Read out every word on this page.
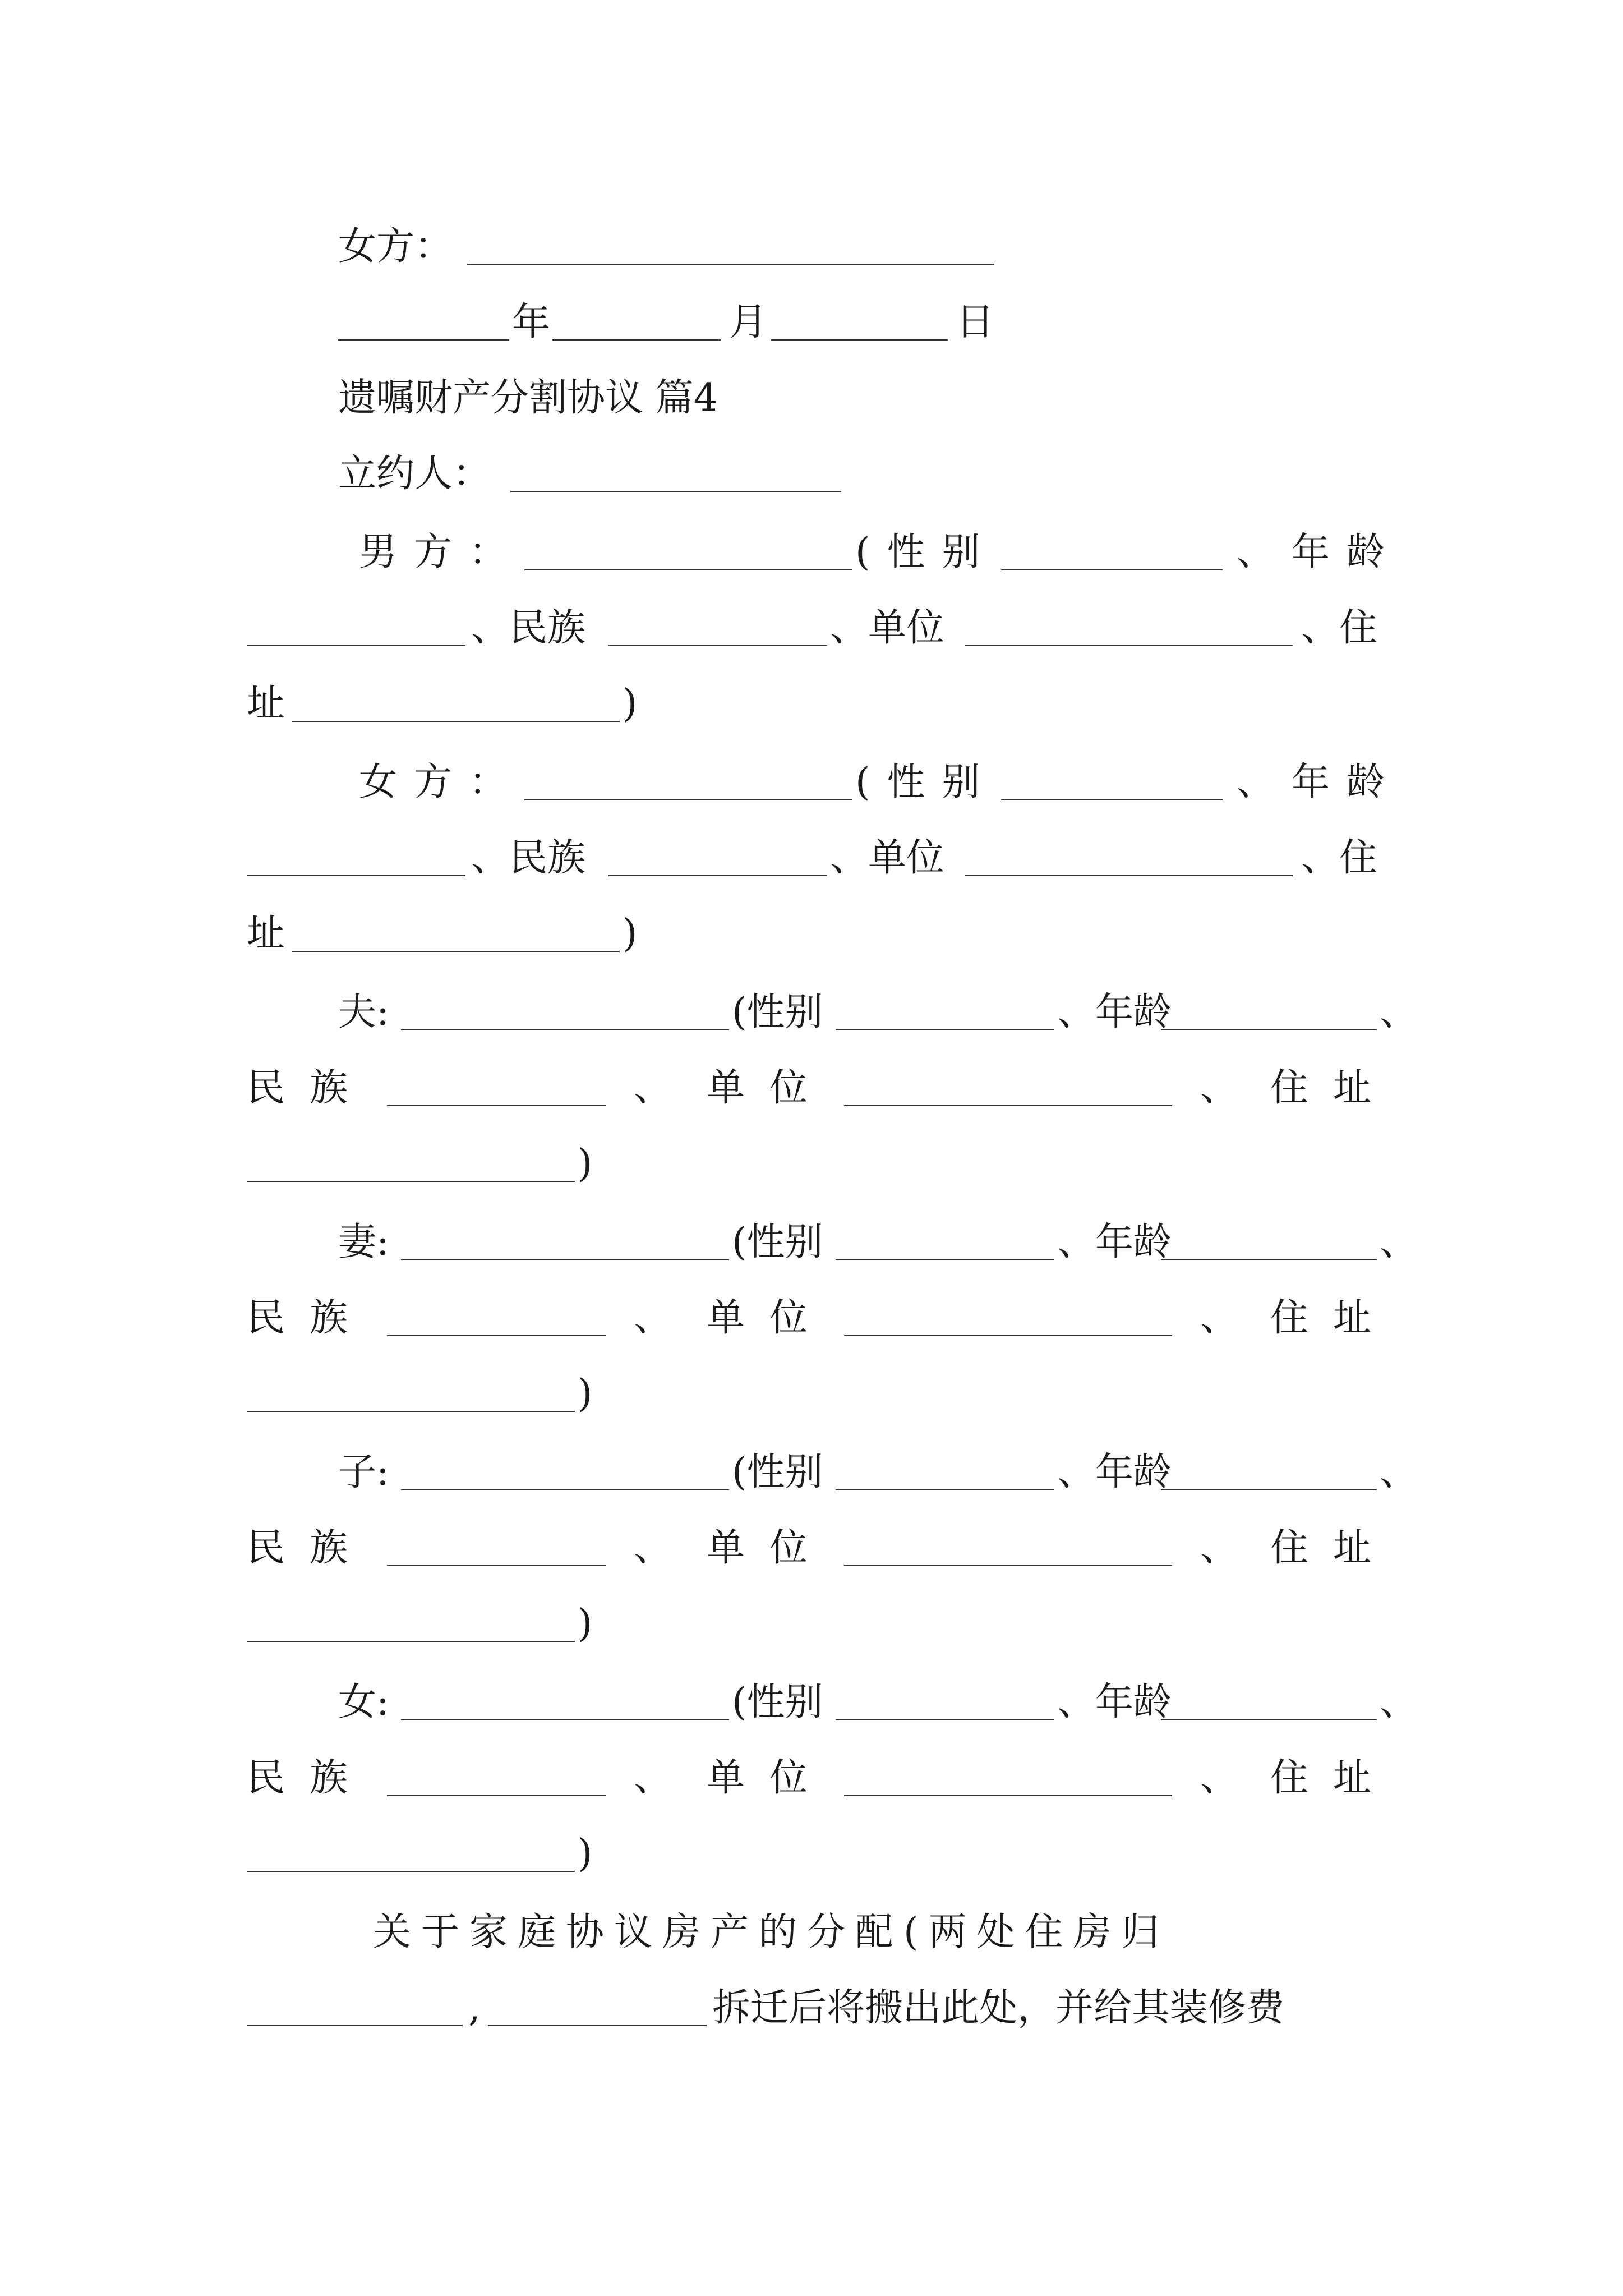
女方：
年	月	日
遗嘱财产分割协议 篇4
立约人：
男方：	(性别	、年龄
、民族	、单位	、住
址	)
女方：	(性别	、年龄
、民族	、单位	、住
址	)
夫:	(性别	、年龄	、
民族	、 单位	、 住址
)
妻:	(性别	、年龄	、
民族	、 单位	、 住址
)
子:	(性别	、年龄	、
民族	、 单位	、 住址
)
女:	(性别	、年龄	、
民族	、 单位	、 住址
)
关于家庭协议房产的分配(两处住房归
,	拆迁后将搬出此处，并给其装修费
